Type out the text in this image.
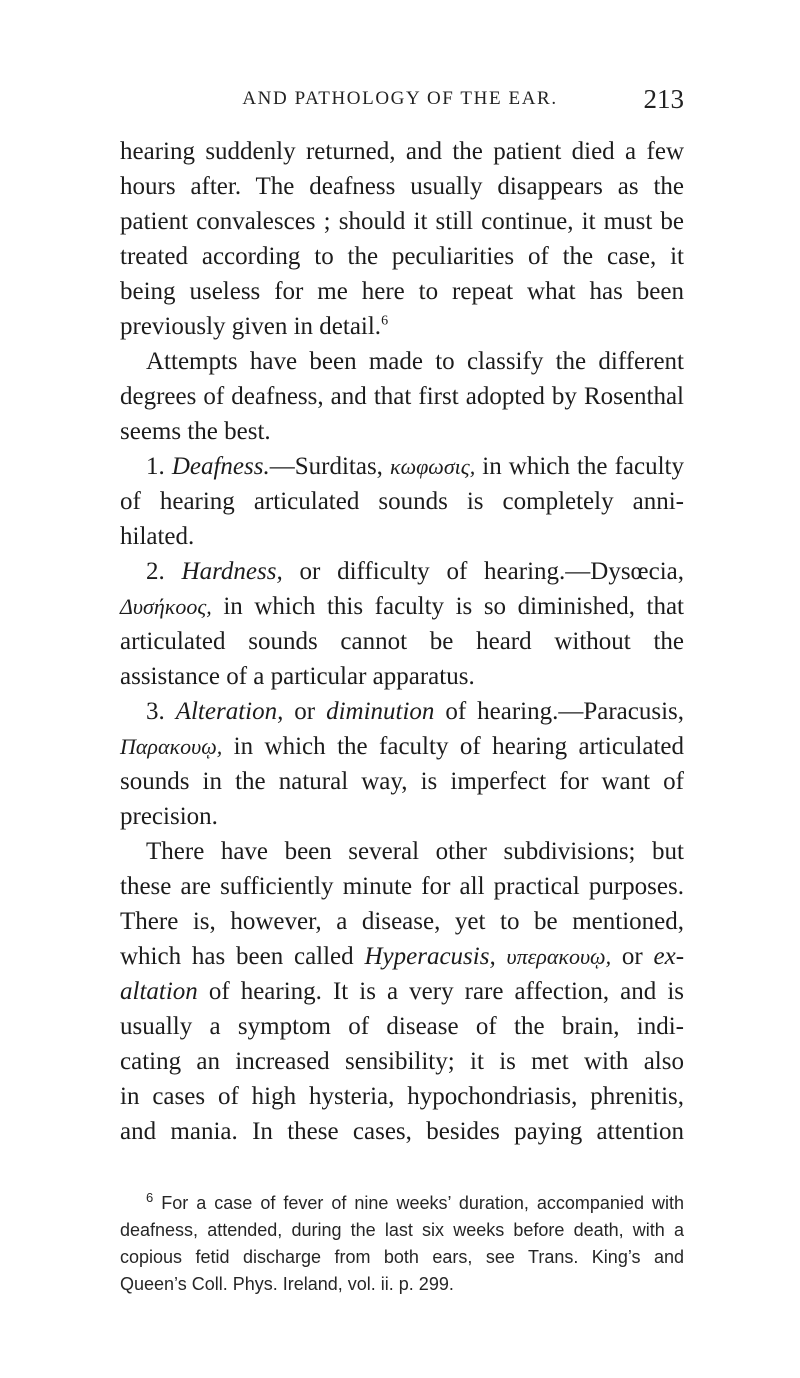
AND PATHOLOGY OF THE EAR.	213
hearing suddenly returned, and the patient died a few
hours after. The deafness usually disappears as the
patient convalesces ; should it still continue, it must be
treated according to the peculiarities of the case, it
being useless for me here to repeat what has been
previously given in detail.$^6$
Attempts have been made to classify the different
degrees of deafness, and that first adopted by Rosenthal
seems the best.
1. Deafness.—Surditas, κωφωσις, in which the faculty
of hearing articulated sounds is completely anni-
hilated.
2. Hardness, or difficulty of hearing.—Dysœcia,
Δυσήκοος, in which this faculty is so diminished, that
articulated sounds cannot be heard without the
assistance of a particular apparatus.
3. Alteration, or diminution of hearing.—Paracusis,
Παρακουῳ, in which the faculty of hearing articulated
sounds in the natural way, is imperfect for want of
precision.
There have been several other subdivisions; but
these are sufficiently minute for all practical purposes.
There is, however, a disease, yet to be mentioned,
which has been called Hyperacusis, υπερακουῳ, or ex-
altation of hearing. It is a very rare affection, and is
usually a symptom of disease of the brain, indi-
cating an increased sensibility; it is met with also
in cases of high hysteria, hypochondriasis, phrenitis,
and mania. In these cases, besides paying attention
$^6$ For a case of fever of nine weeks’ duration, accompanied with
deafness, attended, during the last six weeks before death, with a
copious fetid discharge from both ears, see Trans. King’s and
Queen’s Coll. Phys. Ireland, vol. ii. p. 299.
